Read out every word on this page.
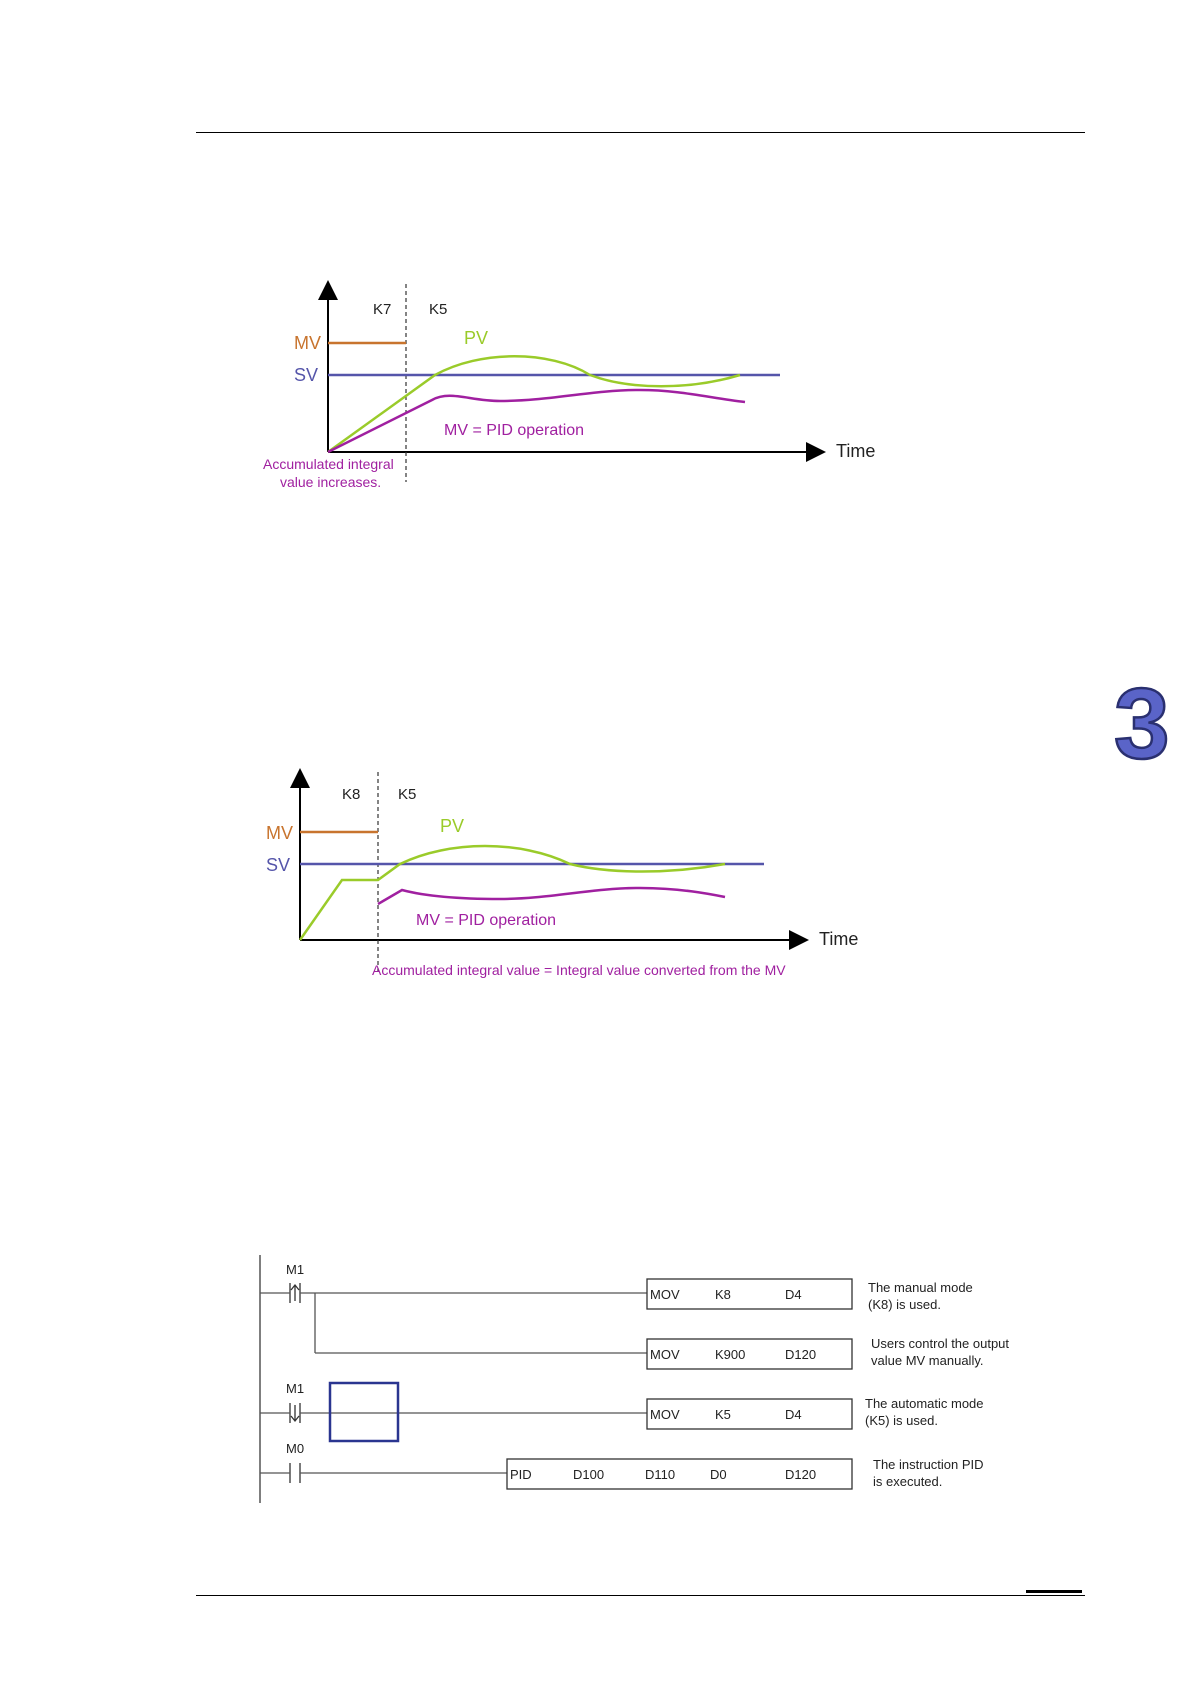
3
K7	K5
MV
SV
PV
MV = PID operation
Time
Accumulated integral
value increases.
K8	K5
MV
SV
PV
MV = PID operation
Time
Accumulated integral value = Integral value converted from the MV
M1
MOV	K8	D4	The manual mode
(K8) is used.
MOV	K900	D120
Users control the output
value MV manually.
M1
MOV	K5	D4
The automatic mode
(K5) is used.
M0
PID	D100	D110	D0	D120
The instruction PID
is executed.
